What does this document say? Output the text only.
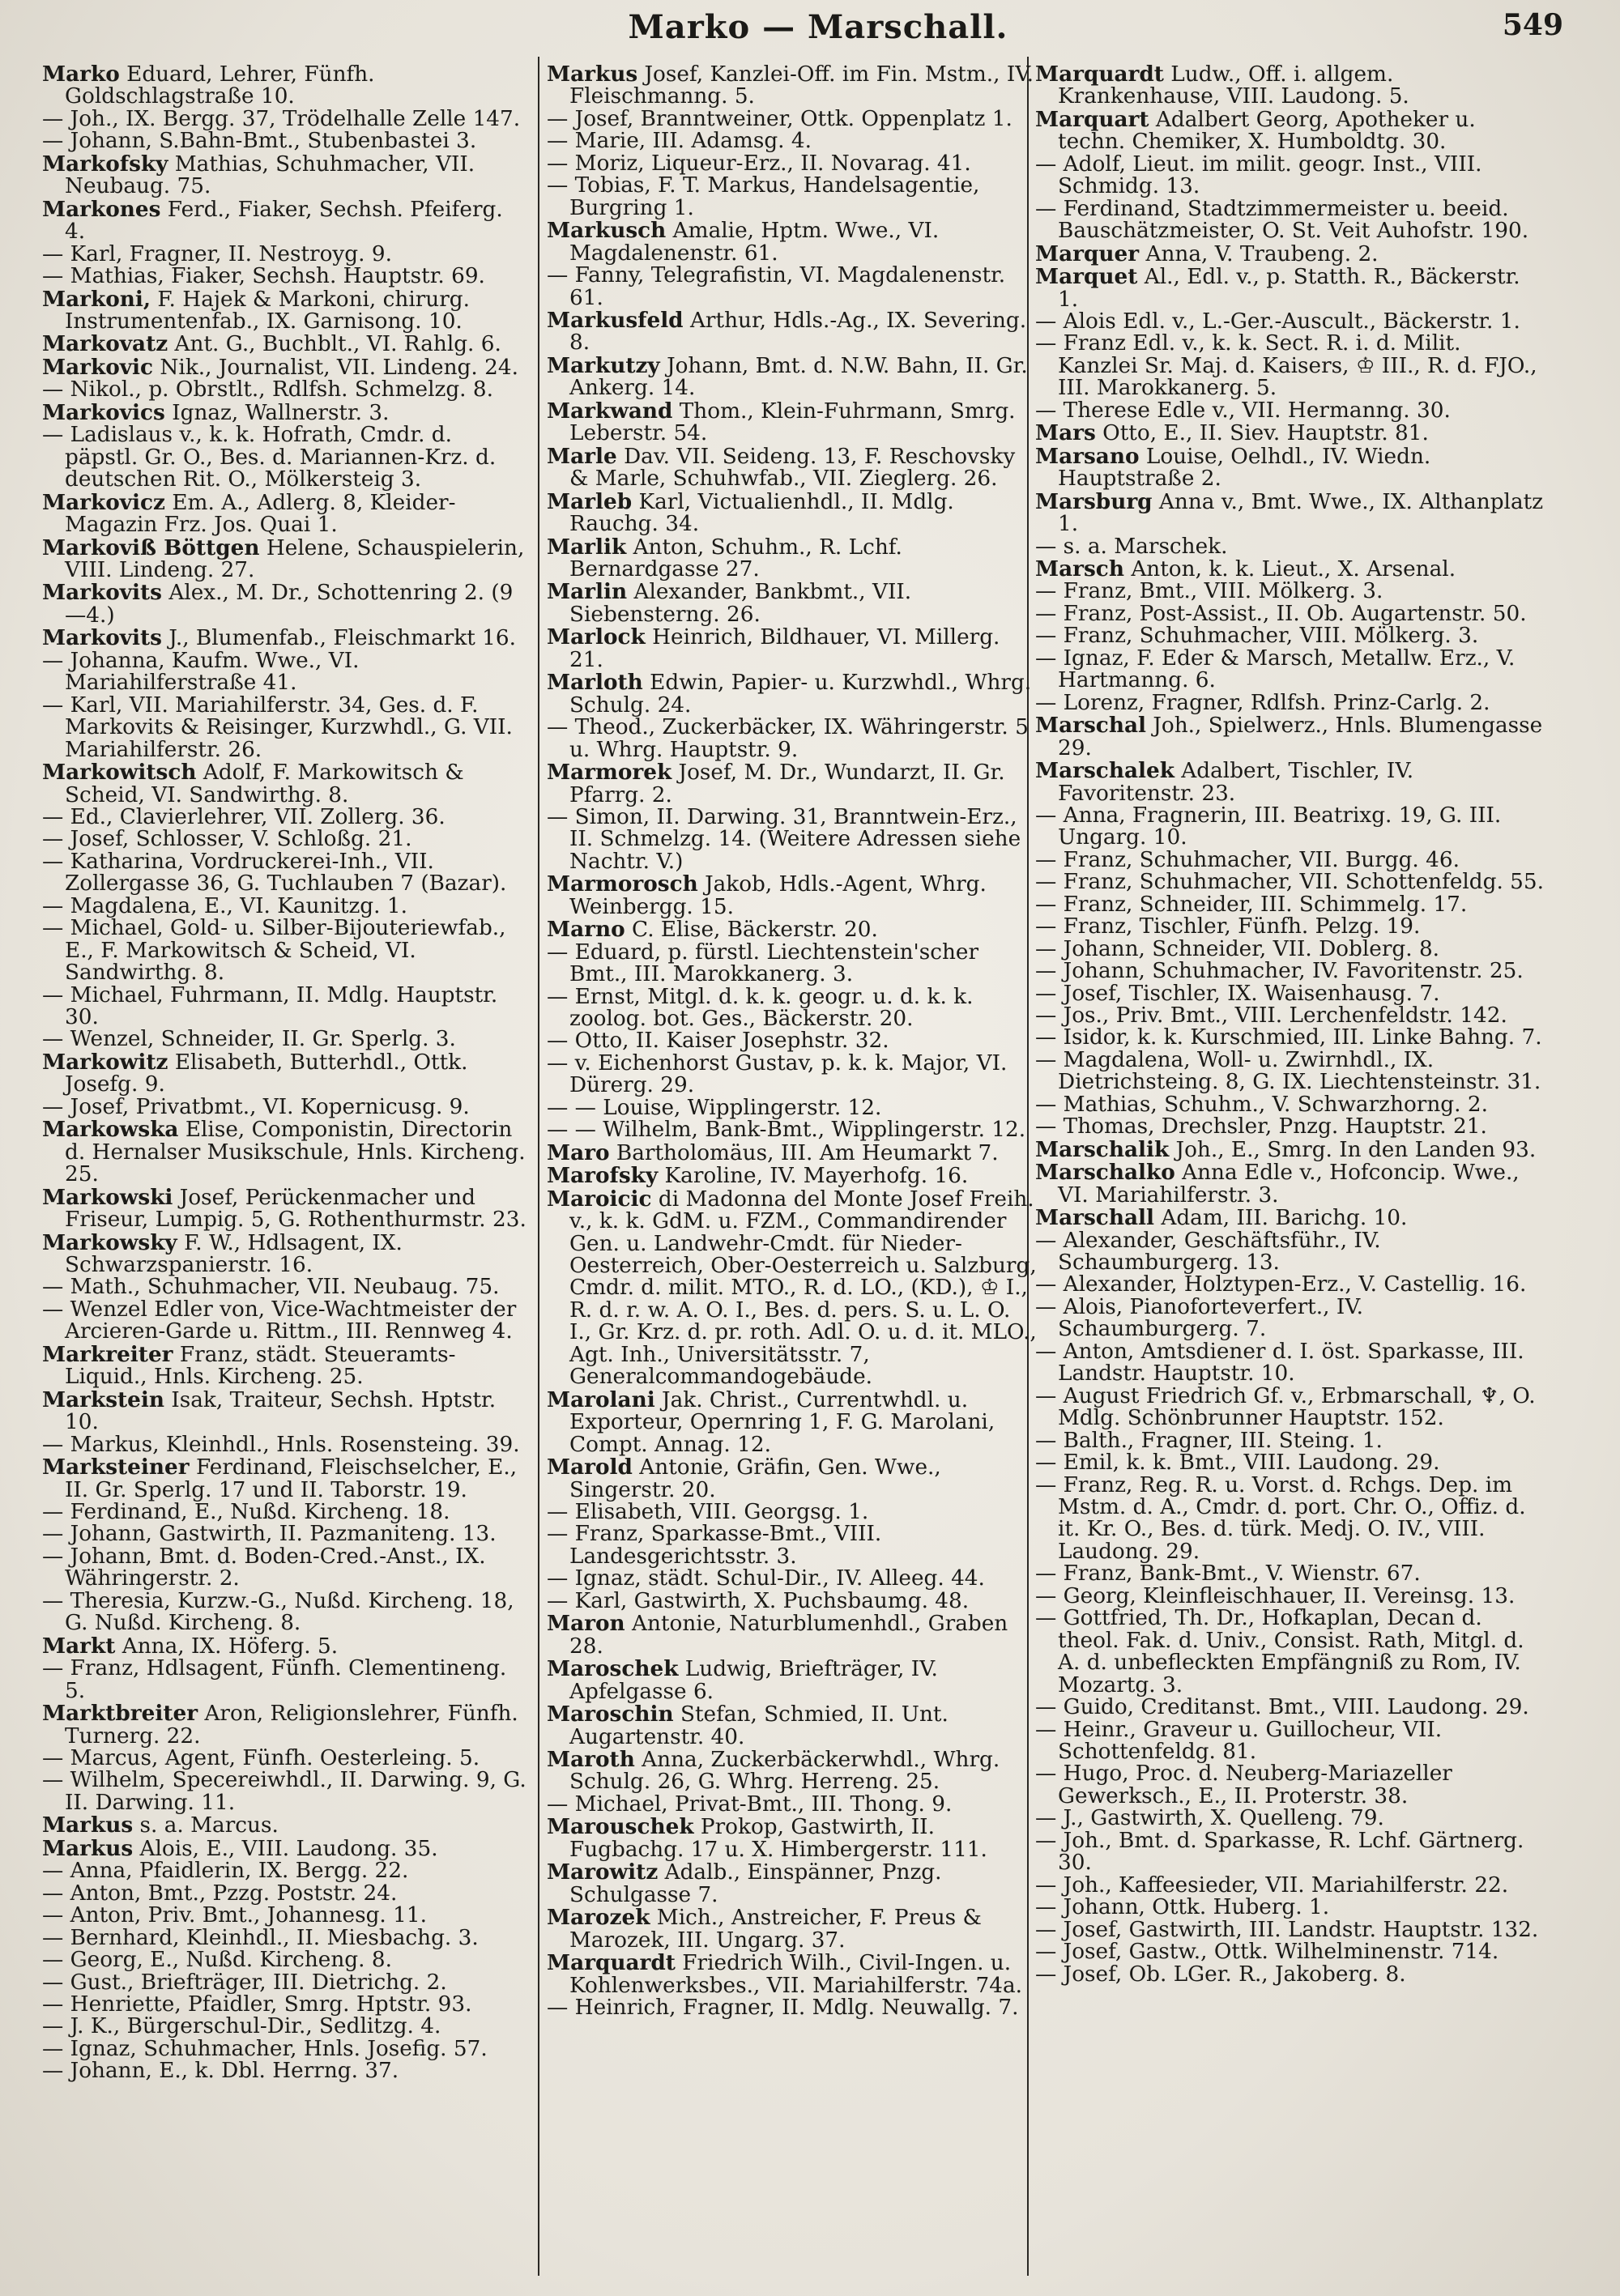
Marko — Marschall.	549

Marko Eduard, Lehrer, Fünfh. Goldschlagstraße 10.

— Joh., IX. Bergg. 37, Trödelhalle Zelle 147.

— Johann, S.Bahn-Bmt., Stubenbastei 3.

Markofsky Mathias, Schuhmacher, VII. Neubaug. 75.

Markones Ferd., Fiaker, Sechsh. Pfeiferg. 4.

— Karl, Fragner, II. Nestroyg. 9.

— Mathias, Fiaker, Sechsh. Hauptstr. 69.

Markoni, F. Hajek & Markoni, chirurg. Instrumentenfab., IX. Garnisong. 10.

Markovatz Ant. G., Buchblt., VI. Rahlg. 6.

Markovic Nik., Journalist, VII. Lindeng. 24.

— Nikol., p. Obrstlt., Rdlfsh. Schmelzg. 8.

Markovics Ignaz, Wallnerstr. 3.

— Ladislaus v., k. k. Hofrath, Cmdr. d. päpstl. Gr. O., Bes. d. Mariannen-Krz. d. deutschen Rit. O., Mölkersteig 3.

Markovicz Em. A., Adlerg. 8, Kleider-Magazin Frz. Jos. Quai 1.

Markoviß Böttgen Helene, Schauspielerin, VIII. Lindeng. 27.

Markovits Alex., M. Dr., Schottenring 2. (9—4.)

Markovits J., Blumenfab., Fleischmarkt 16.

— Johanna, Kaufm. Wwe., VI. Mariahilferstraße 41.

— Karl, VII. Mariahilferstr. 34, Ges. d. F. Markovits & Reisinger, Kurzwhdl., G. VII. Mariahilferstr. 26.

Markowitsch Adolf, F. Markowitsch & Scheid, VI. Sandwirthg. 8.

— Ed., Clavierlehrer, VII. Zollerg. 36.

— Josef, Schlosser, V. Schloßg. 21.

— Katharina, Vordruckerei-Inh., VII. Zollergasse 36, G. Tuchlauben 7 (Bazar).

— Magdalena, E., VI. Kaunitzg. 1.

— Michael, Gold- u. Silber-Bijouteriewfab., E., F. Markowitsch & Scheid, VI. Sandwirthg. 8.

— Michael, Fuhrmann, II. Mdlg. Hauptstr. 30.

— Wenzel, Schneider, II. Gr. Sperlg. 3.

Markowitz Elisabeth, Butterhdl., Ottk. Josefg. 9.

— Josef, Privatbmt., VI. Kopernicusg. 9.

Markowska Elise, Componistin, Directorin d. Hernalser Musikschule, Hnls. Kircheng. 25.

Markowski Josef, Perückenmacher und Friseur, Lumpig. 5, G. Rothenthurmstr. 23.

Markowsky F. W., Hdlsagent, IX. Schwarzspanierstr. 16.

— Math., Schuhmacher, VII. Neubaug. 75.

— Wenzel Edler von, Vice-Wachtmeister der Arcieren-Garde u. Rittm., III. Rennweg 4.

Markreiter Franz, städt. Steueramts-Liquid., Hnls. Kircheng. 25.

Markstein Isak, Traiteur, Sechsh. Hptstr. 10.

— Markus, Kleinhdl., Hnls. Rosensteing. 39.

Marksteiner Ferdinand, Fleischselcher, E., II. Gr. Sperlg. 17 und II. Taborstr. 19.

— Ferdinand, E., Nußd. Kircheng. 18.

— Johann, Gastwirth, II. Pazmaniteng. 13.

— Johann, Bmt. d. Boden-Cred.-Anst., IX. Währingerstr. 2.

— Theresia, Kurzw.-G., Nußd. Kircheng. 18, G. Nußd. Kircheng. 8.

Markt Anna, IX. Höferg. 5.

— Franz, Hdlsagent, Fünfh. Clementineng. 5.

Marktbreiter Aron, Religionslehrer, Fünfh. Turnerg. 22.

— Marcus, Agent, Fünfh. Oesterleing. 5.

— Wilhelm, Specereiwhdl., II. Darwing. 9, G. II. Darwing. 11.

Markus s. a. Marcus.

Markus Alois, E., VIII. Laudong. 35.

— Anna, Pfaidlerin, IX. Bergg. 22.

— Anton, Bmt., Pzzg. Poststr. 24.

— Anton, Priv. Bmt., Johannesg. 11.

— Bernhard, Kleinhdl., II. Miesbachg. 3.

— Georg, E., Nußd. Kircheng. 8.

— Gust., Briefträger, III. Dietrichg. 2.

— Henriette, Pfaidler, Smrg. Hptstr. 93.

— J. K., Bürgerschul-Dir., Sedlitzg. 4.

— Ignaz, Schuhmacher, Hnls. Josefig. 57.

— Johann, E., k. Dbl. Herrng. 37.

Markus Josef, Kanzlei-Off. im Fin. Mstm., IV. Fleischmanng. 5.

— Josef, Branntweiner, Ottk. Oppenplatz 1.

— Marie, III. Adamsg. 4.

— Moriz, Liqueur-Erz., II. Novarag. 41.

— Tobias, F. T. Markus, Handelsagentie, Burgring 1.

Markusch Amalie, Hptm. Wwe., VI. Magdalenenstr. 61.

— Fanny, Telegrafistin, VI. Magdalenenstr. 61.

Markusfeld Arthur, Hdls.-Ag., IX. Severing. 8.

Markutzy Johann, Bmt. d. N.W. Bahn, II. Gr. Ankerg. 14.

Markwand Thom., Klein-Fuhrmann, Smrg. Leberstr. 54.

Marle Dav. VII. Seideng. 13, F. Reschovsky & Marle, Schuhwfab., VII. Zieglerg. 26.

Marleb Karl, Victualienhdl., II. Mdlg. Rauchg. 34.

Marlik Anton, Schuhm., R. Lchf. Bernardgasse 27.

Marlin Alexander, Bankbmt., VII. Siebensterng. 26.

Marlock Heinrich, Bildhauer, VI. Millerg. 21.

Marloth Edwin, Papier- u. Kurzwhdl., Whrg. Schulg. 24.

— Theod., Zuckerbäcker, IX. Währingerstr. 5 u. Whrg. Hauptstr. 9.

Marmorek Josef, M. Dr., Wundarzt, II. Gr. Pfarrg. 2.

— Simon, II. Darwing. 31, Branntwein-Erz., II. Schmelzg. 14. (Weitere Adressen siehe Nachtr. V.)

Marmorosch Jakob, Hdls.-Agent, Whrg. Weinbergg. 15.

Marno C. Elise, Bäckerstr. 20.

— Eduard, p. fürstl. Liechtenstein'scher Bmt., III. Marokkanerg. 3.

— Ernst, Mitgl. d. k. k. geogr. u. d. k. k. zoolog. bot. Ges., Bäckerstr. 20.

— Otto, II. Kaiser Josephstr. 32.

— v. Eichenhorst Gustav, p. k. k. Major, VI. Dürerg. 29.

— — Louise, Wipplingerstr. 12.

— — Wilhelm, Bank-Bmt., Wipplingerstr. 12.

Maro Bartholomäus, III. Am Heumarkt 7.

Marofsky Karoline, IV. Mayerhofg. 16.

Maroicic di Madonna del Monte Josef Freih. v., k. k. GdM. u. FZM., Commandirender Gen. u. Landwehr-Cmdt. für Nieder-Oesterreich, Ober-Oesterreich u. Salzburg, Cmdr. d. milit. MTO., R. d. LO., (KD.), ♔ I., R. d. r. w. A. O. I., Bes. d. pers. S. u. L. O. I., Gr. Krz. d. pr. roth. Adl. O. u. d. it. MLO., Agt. Inh., Universitätsstr. 7, Generalcommandogebäude.

Marolani Jak. Christ., Currentwhdl. u. Exporteur, Opernring 1, F. G. Marolani, Compt. Annag. 12.

Marold Antonie, Gräfin, Gen. Wwe., Singerstr. 20.

— Elisabeth, VIII. Georgsg. 1.

— Franz, Sparkasse-Bmt., VIII. Landesgerichtsstr. 3.

— Ignaz, städt. Schul-Dir., IV. Alleeg. 44.

— Karl, Gastwirth, X. Puchsbaumg. 48.

Maron Antonie, Naturblumenhdl., Graben 28.

Maroschek Ludwig, Briefträger, IV. Apfelgasse 6.

Maroschin Stefan, Schmied, II. Unt. Augartenstr. 40.

Maroth Anna, Zuckerbäckerwhdl., Whrg. Schulg. 26, G. Whrg. Herreng. 25.

— Michael, Privat-Bmt., III. Thong. 9.

Marouschek Prokop, Gastwirth, II. Fugbachg. 17 u. X. Himbergerstr. 111.

Marowitz Adalb., Einspänner, Pnzg. Schulgasse 7.

Marozek Mich., Anstreicher, F. Preus & Marozek, III. Ungarg. 37.

Marquardt Friedrich Wilh., Civil-Ingen. u. Kohlenwerksbes., VII. Mariahilferstr. 74a.

— Heinrich, Fragner, II. Mdlg. Neuwallg. 7.

Marquardt Ludw., Off. i. allgem. Krankenhause, VIII. Laudong. 5.

Marquart Adalbert Georg, Apotheker u. techn. Chemiker, X. Humboldtg. 30.

— Adolf, Lieut. im milit. geogr. Inst., VIII. Schmidg. 13.

— Ferdinand, Stadtzimmermeister u. beeid. Bauschätzmeister, O. St. Veit Auhofstr. 190.

Marquer Anna, V. Traubeng. 2.

Marquet Al., Edl. v., p. Statth. R., Bäckerstr. 1.

— Alois Edl. v., L.-Ger.-Auscult., Bäckerstr. 1.

— Franz Edl. v., k. k. Sect. R. i. d. Milit. Kanzlei Sr. Maj. d. Kaisers, ♔ III., R. d. FJO., III. Marokkanerg. 5.

— Therese Edle v., VII. Hermanng. 30.

Mars Otto, E., II. Siev. Hauptstr. 81.

Marsano Louise, Oelhdl., IV. Wiedn. Hauptstraße 2.

Marsburg Anna v., Bmt. Wwe., IX. Althanplatz 1.

— s. a. Marschek.

Marsch Anton, k. k. Lieut., X. Arsenal.

— Franz, Bmt., VIII. Mölkerg. 3.

— Franz, Post-Assist., II. Ob. Augartenstr. 50.

— Franz, Schuhmacher, VIII. Mölkerg. 3.

— Ignaz, F. Eder & Marsch, Metallw. Erz., V. Hartmanng. 6.

— Lorenz, Fragner, Rdlfsh. Prinz-Carlg. 2.

Marschal Joh., Spielwerz., Hnls. Blumengasse 29.

Marschalek Adalbert, Tischler, IV. Favoritenstr. 23.

— Anna, Fragnerin, III. Beatrixg. 19, G. III. Ungarg. 10.

— Franz, Schuhmacher, VII. Burgg. 46.

— Franz, Schuhmacher, VII. Schottenfeldg. 55.

— Franz, Schneider, III. Schimmelg. 17.

— Franz, Tischler, Fünfh. Pelzg. 19.

— Johann, Schneider, VII. Doblerg. 8.

— Johann, Schuhmacher, IV. Favoritenstr. 25.

— Josef, Tischler, IX. Waisenhausg. 7.

— Jos., Priv. Bmt., VIII. Lerchenfeldstr. 142.

— Isidor, k. k. Kurschmied, III. Linke Bahng. 7.

— Magdalena, Woll- u. Zwirnhdl., IX. Dietrichsteing. 8, G. IX. Liechtensteinstr. 31.

— Mathias, Schuhm., V. Schwarzhorng. 2.

— Thomas, Drechsler, Pnzg. Hauptstr. 21.

Marschalik Joh., E., Smrg. In den Landen 93.

Marschalko Anna Edle v., Hofconcip. Wwe., VI. Mariahilferstr. 3.

Marschall Adam, III. Barichg. 10.

— Alexander, Geschäftsführ., IV. Schaumburgerg. 13.

— Alexander, Holztypen-Erz., V. Castellig. 16.

— Alois, Pianoforteverfert., IV. Schaumburgerg. 7.

— Anton, Amtsdiener d. I. öst. Sparkasse, III. Landstr. Hauptstr. 10.

— August Friedrich Gf. v., Erbmarschall, ♆, O. Mdlg. Schönbrunner Hauptstr. 152.

— Balth., Fragner, III. Steing. 1.

— Emil, k. k. Bmt., VIII. Laudong. 29.

— Franz, Reg. R. u. Vorst. d. Rchgs. Dep. im Mstm. d. A., Cmdr. d. port. Chr. O., Offiz. d. it. Kr. O., Bes. d. türk. Medj. O. IV., VIII. Laudong. 29.

— Franz, Bank-Bmt., V. Wienstr. 67.

— Georg, Kleinfleischhauer, II. Vereinsg. 13.

— Gottfried, Th. Dr., Hofkaplan, Decan d. theol. Fak. d. Univ., Consist. Rath, Mitgl. d. A. d. unbefleckten Empfängniß zu Rom, IV. Mozartg. 3.

— Guido, Creditanst. Bmt., VIII. Laudong. 29.

— Heinr., Graveur u. Guillocheur, VII. Schottenfeldg. 81.

— Hugo, Proc. d. Neuberg-Mariazeller Gewerksch., E., II. Proterstr. 38.

— J., Gastwirth, X. Quelleng. 79.

— Joh., Bmt. d. Sparkasse, R. Lchf. Gärtnerg. 30.

— Joh., Kaffeesieder, VII. Mariahilferstr. 22.

— Johann, Ottk. Huberg. 1.

— Josef, Gastwirth, III. Landstr. Hauptstr. 132.

— Josef, Gastw., Ottk. Wilhelminenstr. 714.

— Josef, Ob. LGer. R., Jakoberg. 8.
